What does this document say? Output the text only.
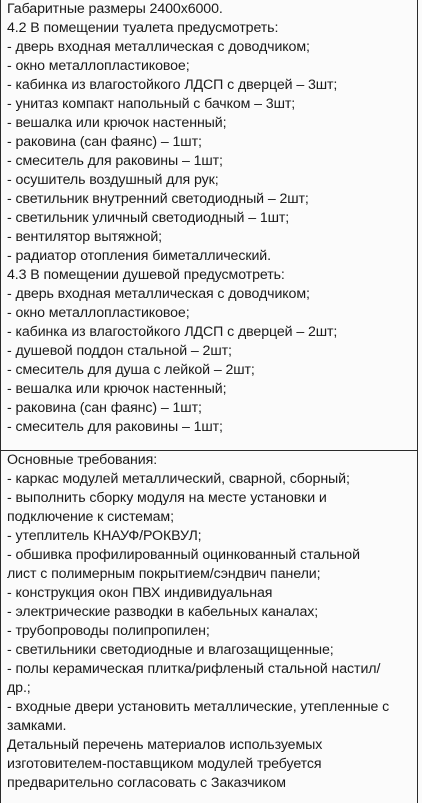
Габаритные размеры 2400х6000.
4.2 В помещении туалета предусмотреть:
- дверь входная металлическая с доводчиком;
- окно металлопластиковое;
- кабинка из влагостойкого ЛДСП с дверцей – 3шт;
- унитаз компакт напольный с бачком – 3шт;
- вешалка или крючок настенный;
- раковина (сан фаянс) – 1шт;
- смеситель для раковины – 1шт;
- осушитель воздушный для рук;
- светильник внутренний светодиодный – 2шт;
- светильник уличный светодиодный – 1шт;
- вентилятор вытяжной;
- радиатор отопления биметаллический.
4.3 В помещении душевой предусмотреть:
- дверь входная металлическая с доводчиком;
- окно металлопластиковое;
- кабинка из влагостойкого ЛДСП с дверцей – 2шт;
- душевой поддон стальной – 2шт;
- смеситель для душа с лейкой – 2шт;
- вешалка или крючок настенный;
- раковина (сан фаянс) – 1шт;
- смеситель для раковины – 1шт;
Основные требования:
- каркас модулей металлический, сварной, сборный;
- выполнить сборку модуля на месте установки и
подключение к системам;
- утеплитель КНАУФ/РОКВУЛ;
- обшивка профилированный оцинкованный стальной
лист с полимерным покрытием/сэндвич панели;
- конструкция окон ПВХ индивидуальная
- электрические разводки в кабельных каналах;
- трубопроводы полипропилен;
- светильники светодиодные и влагозащищенные;
- полы керамическая плитка/рифленый стальной настил/
др.;
- входные двери установить металлические, утепленные с
замками.
Детальный перечень материалов используемых
изготовителем-поставщиком модулей требуется
предварительно согласовать с Заказчиком
